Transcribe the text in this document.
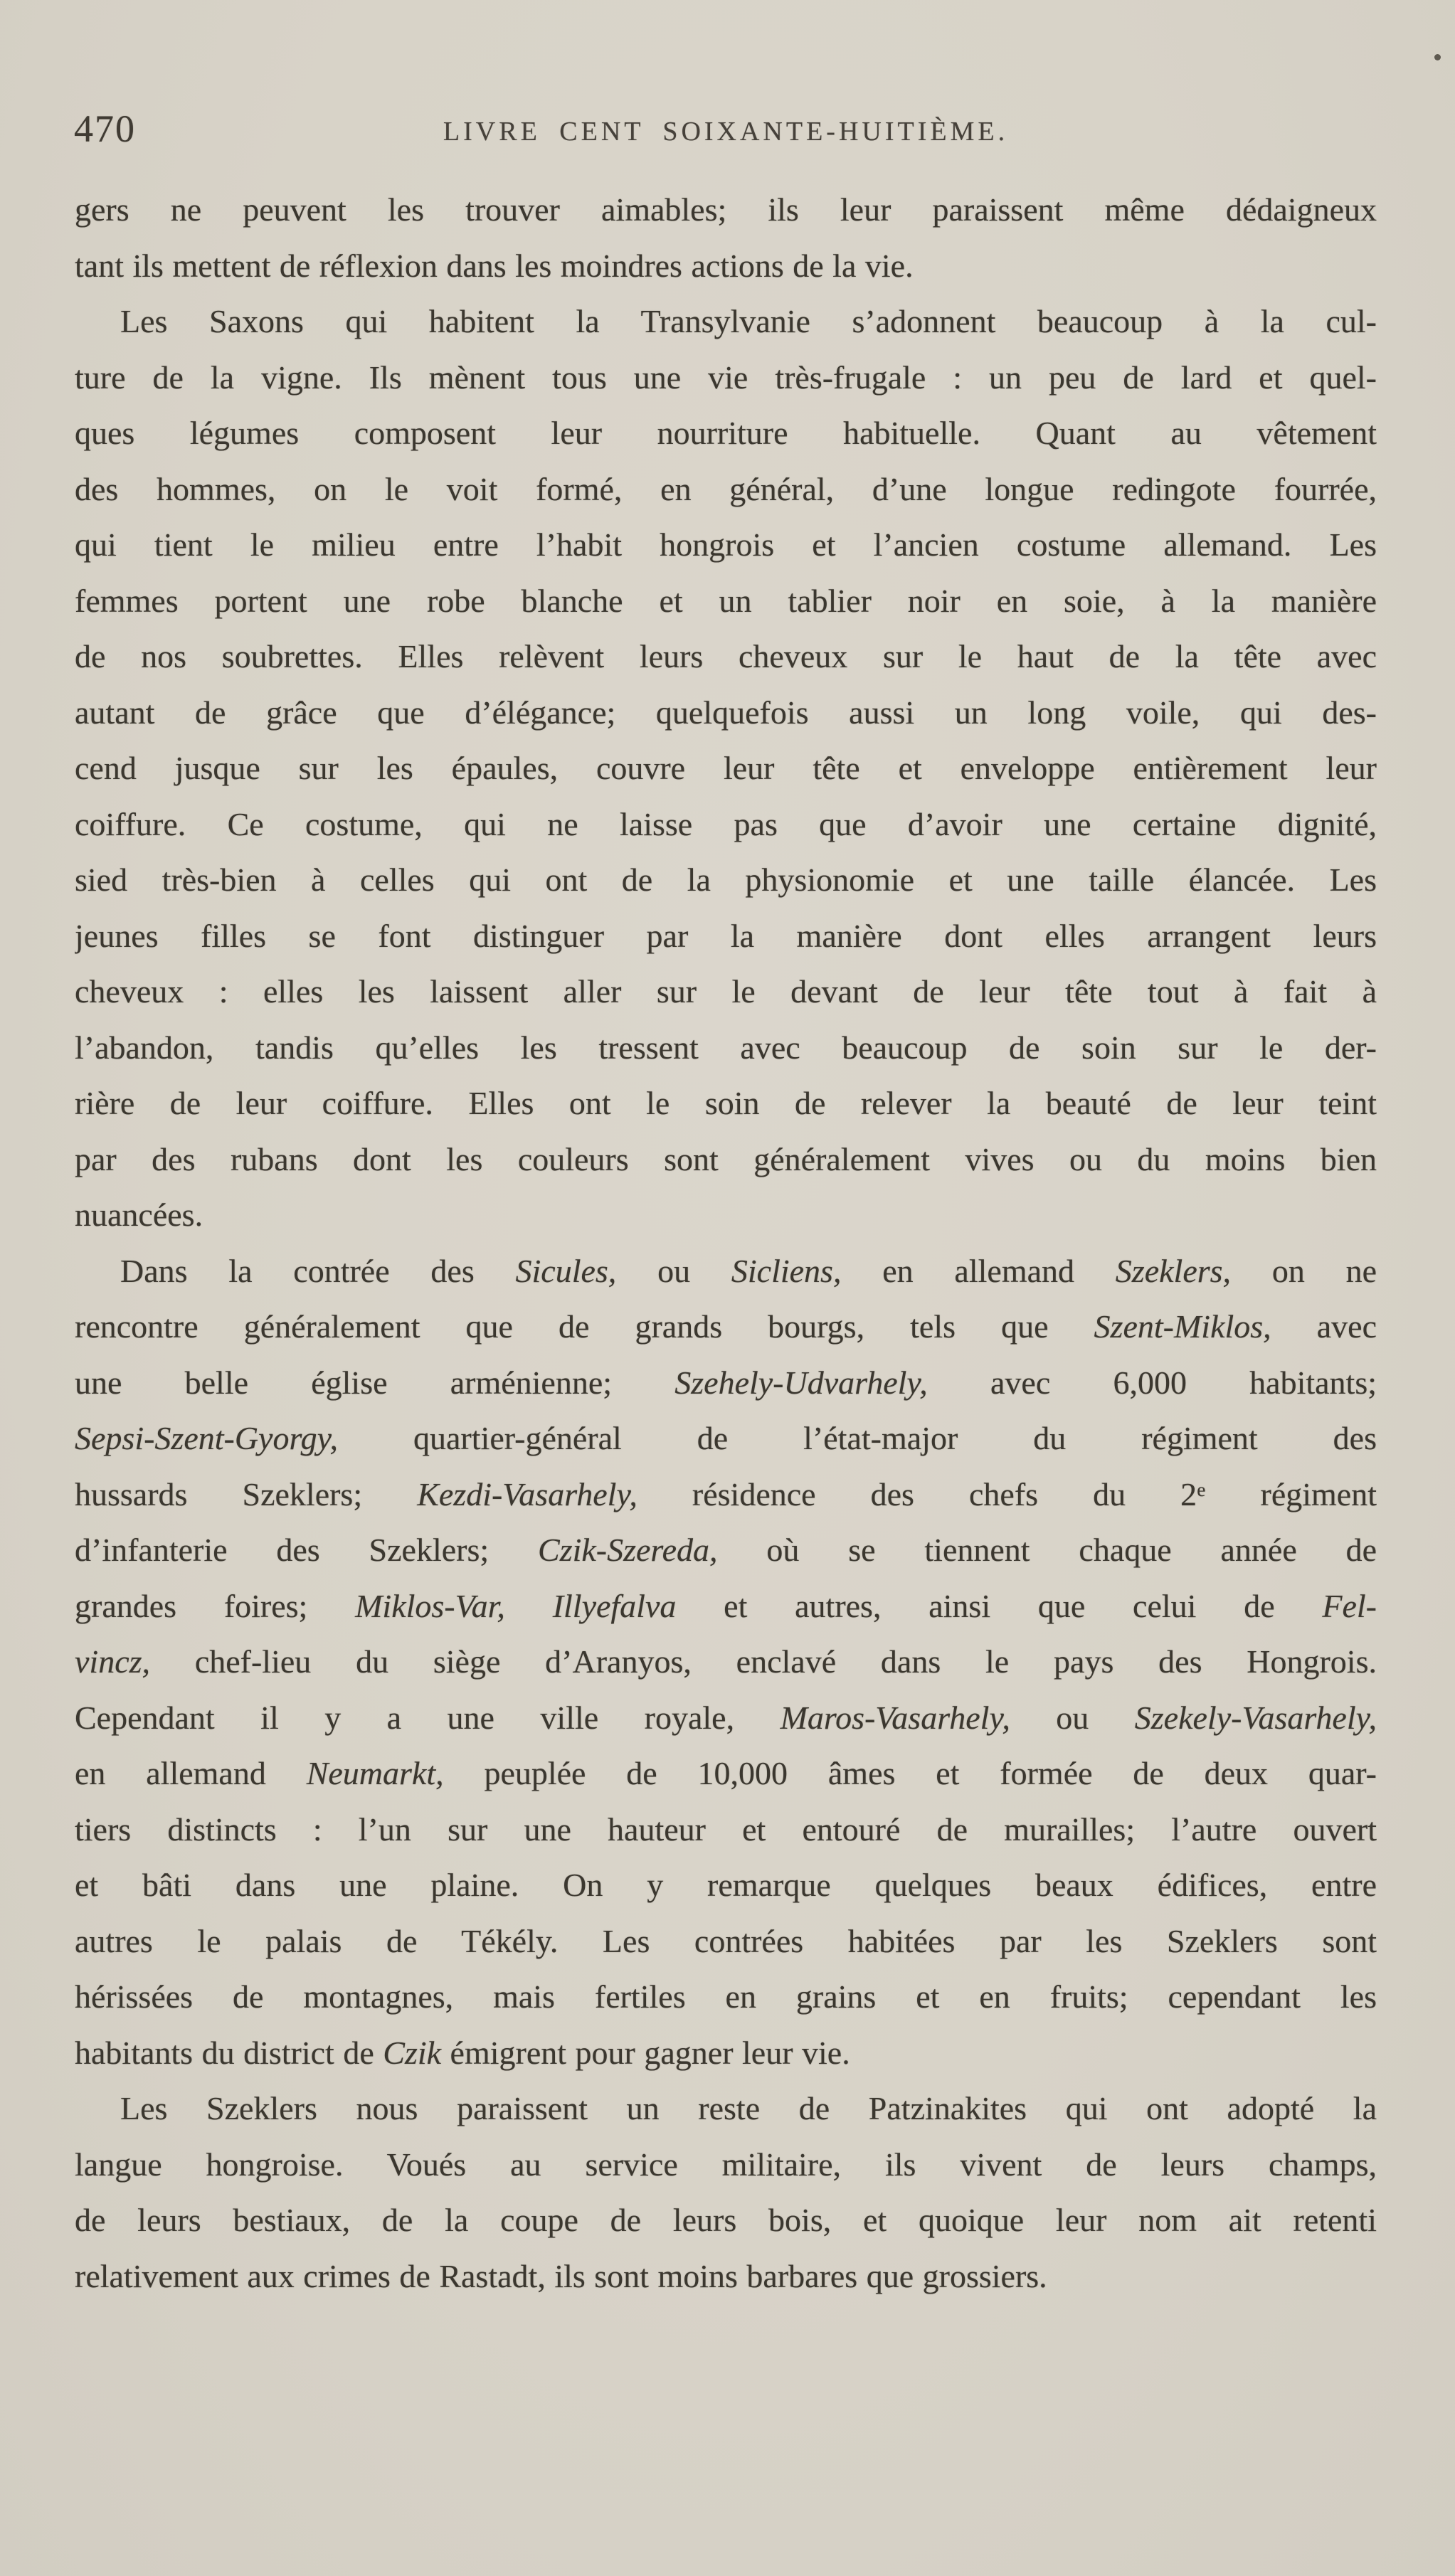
470	LIVRE CENT SOIXANTE-HUITIÈME.
gers ne peuvent les trouver aimables; ils leur paraissent même dédaigneux
tant ils mettent de réflexion dans les moindres actions de la vie.
Les Saxons qui habitent la Transylvanie s’adonnent beaucoup à la cul-
ture de la vigne. Ils mènent tous une vie très-frugale : un peu de lard et quel-
ques légumes composent leur nourriture habituelle. Quant au vêtement
des hommes, on le voit formé, en général, d’une longue redingote fourrée,
qui tient le milieu entre l’habit hongrois et l’ancien costume allemand. Les
femmes portent une robe blanche et un tablier noir en soie, à la manière
de nos soubrettes. Elles relèvent leurs cheveux sur le haut de la tête avec
autant de grâce que d’élégance; quelquefois aussi un long voile, qui des-
cend jusque sur les épaules, couvre leur tête et enveloppe entièrement leur
coiffure. Ce costume, qui ne laisse pas que d’avoir une certaine dignité,
sied très-bien à celles qui ont de la physionomie et une taille élancée. Les
jeunes filles se font distinguer par la manière dont elles arrangent leurs
cheveux : elles les laissent aller sur le devant de leur tête tout à fait à
l’abandon, tandis qu’elles les tressent avec beaucoup de soin sur le der-
rière de leur coiffure. Elles ont le soin de relever la beauté de leur teint
par des rubans dont les couleurs sont généralement vives ou du moins bien
nuancées.
Dans la contrée des Sicules, ou Sicliens, en allemand Szeklers, on ne
rencontre généralement que de grands bourgs, tels que Szent-Miklos, avec
une belle église arménienne; Szehely-Udvarhely, avec 6,000 habitants;
Sepsi-Szent-Gyorgy, quartier-général de l’état-major du régiment des
hussards Szeklers; Kezdi-Vasarhely, résidence des chefs du 2e régiment
d’infanterie des Szeklers; Czik-Szereda, où se tiennent chaque année de
grandes foires; Miklos-Var, Illyefalva et autres, ainsi que celui de Fel-
vincz, chef-lieu du siège d’Aranyos, enclavé dans le pays des Hongrois.
Cependant il y a une ville royale, Maros-Vasarhely, ou Szekely-Vasarhely,
en allemand Neumarkt, peuplée de 10,000 âmes et formée de deux quar-
tiers distincts : l’un sur une hauteur et entouré de murailles; l’autre ouvert
et bâti dans une plaine. On y remarque quelques beaux édifices, entre
autres le palais de Tékély. Les contrées habitées par les Szeklers sont
hérissées de montagnes, mais fertiles en grains et en fruits; cependant les
habitants du district de Czik émigrent pour gagner leur vie.
Les Szeklers nous paraissent un reste de Patzinakites qui ont adopté la
langue hongroise. Voués au service militaire, ils vivent de leurs champs,
de leurs bestiaux, de la coupe de leurs bois, et quoique leur nom ait retenti
relativement aux crimes de Rastadt, ils sont moins barbares que grossiers.
